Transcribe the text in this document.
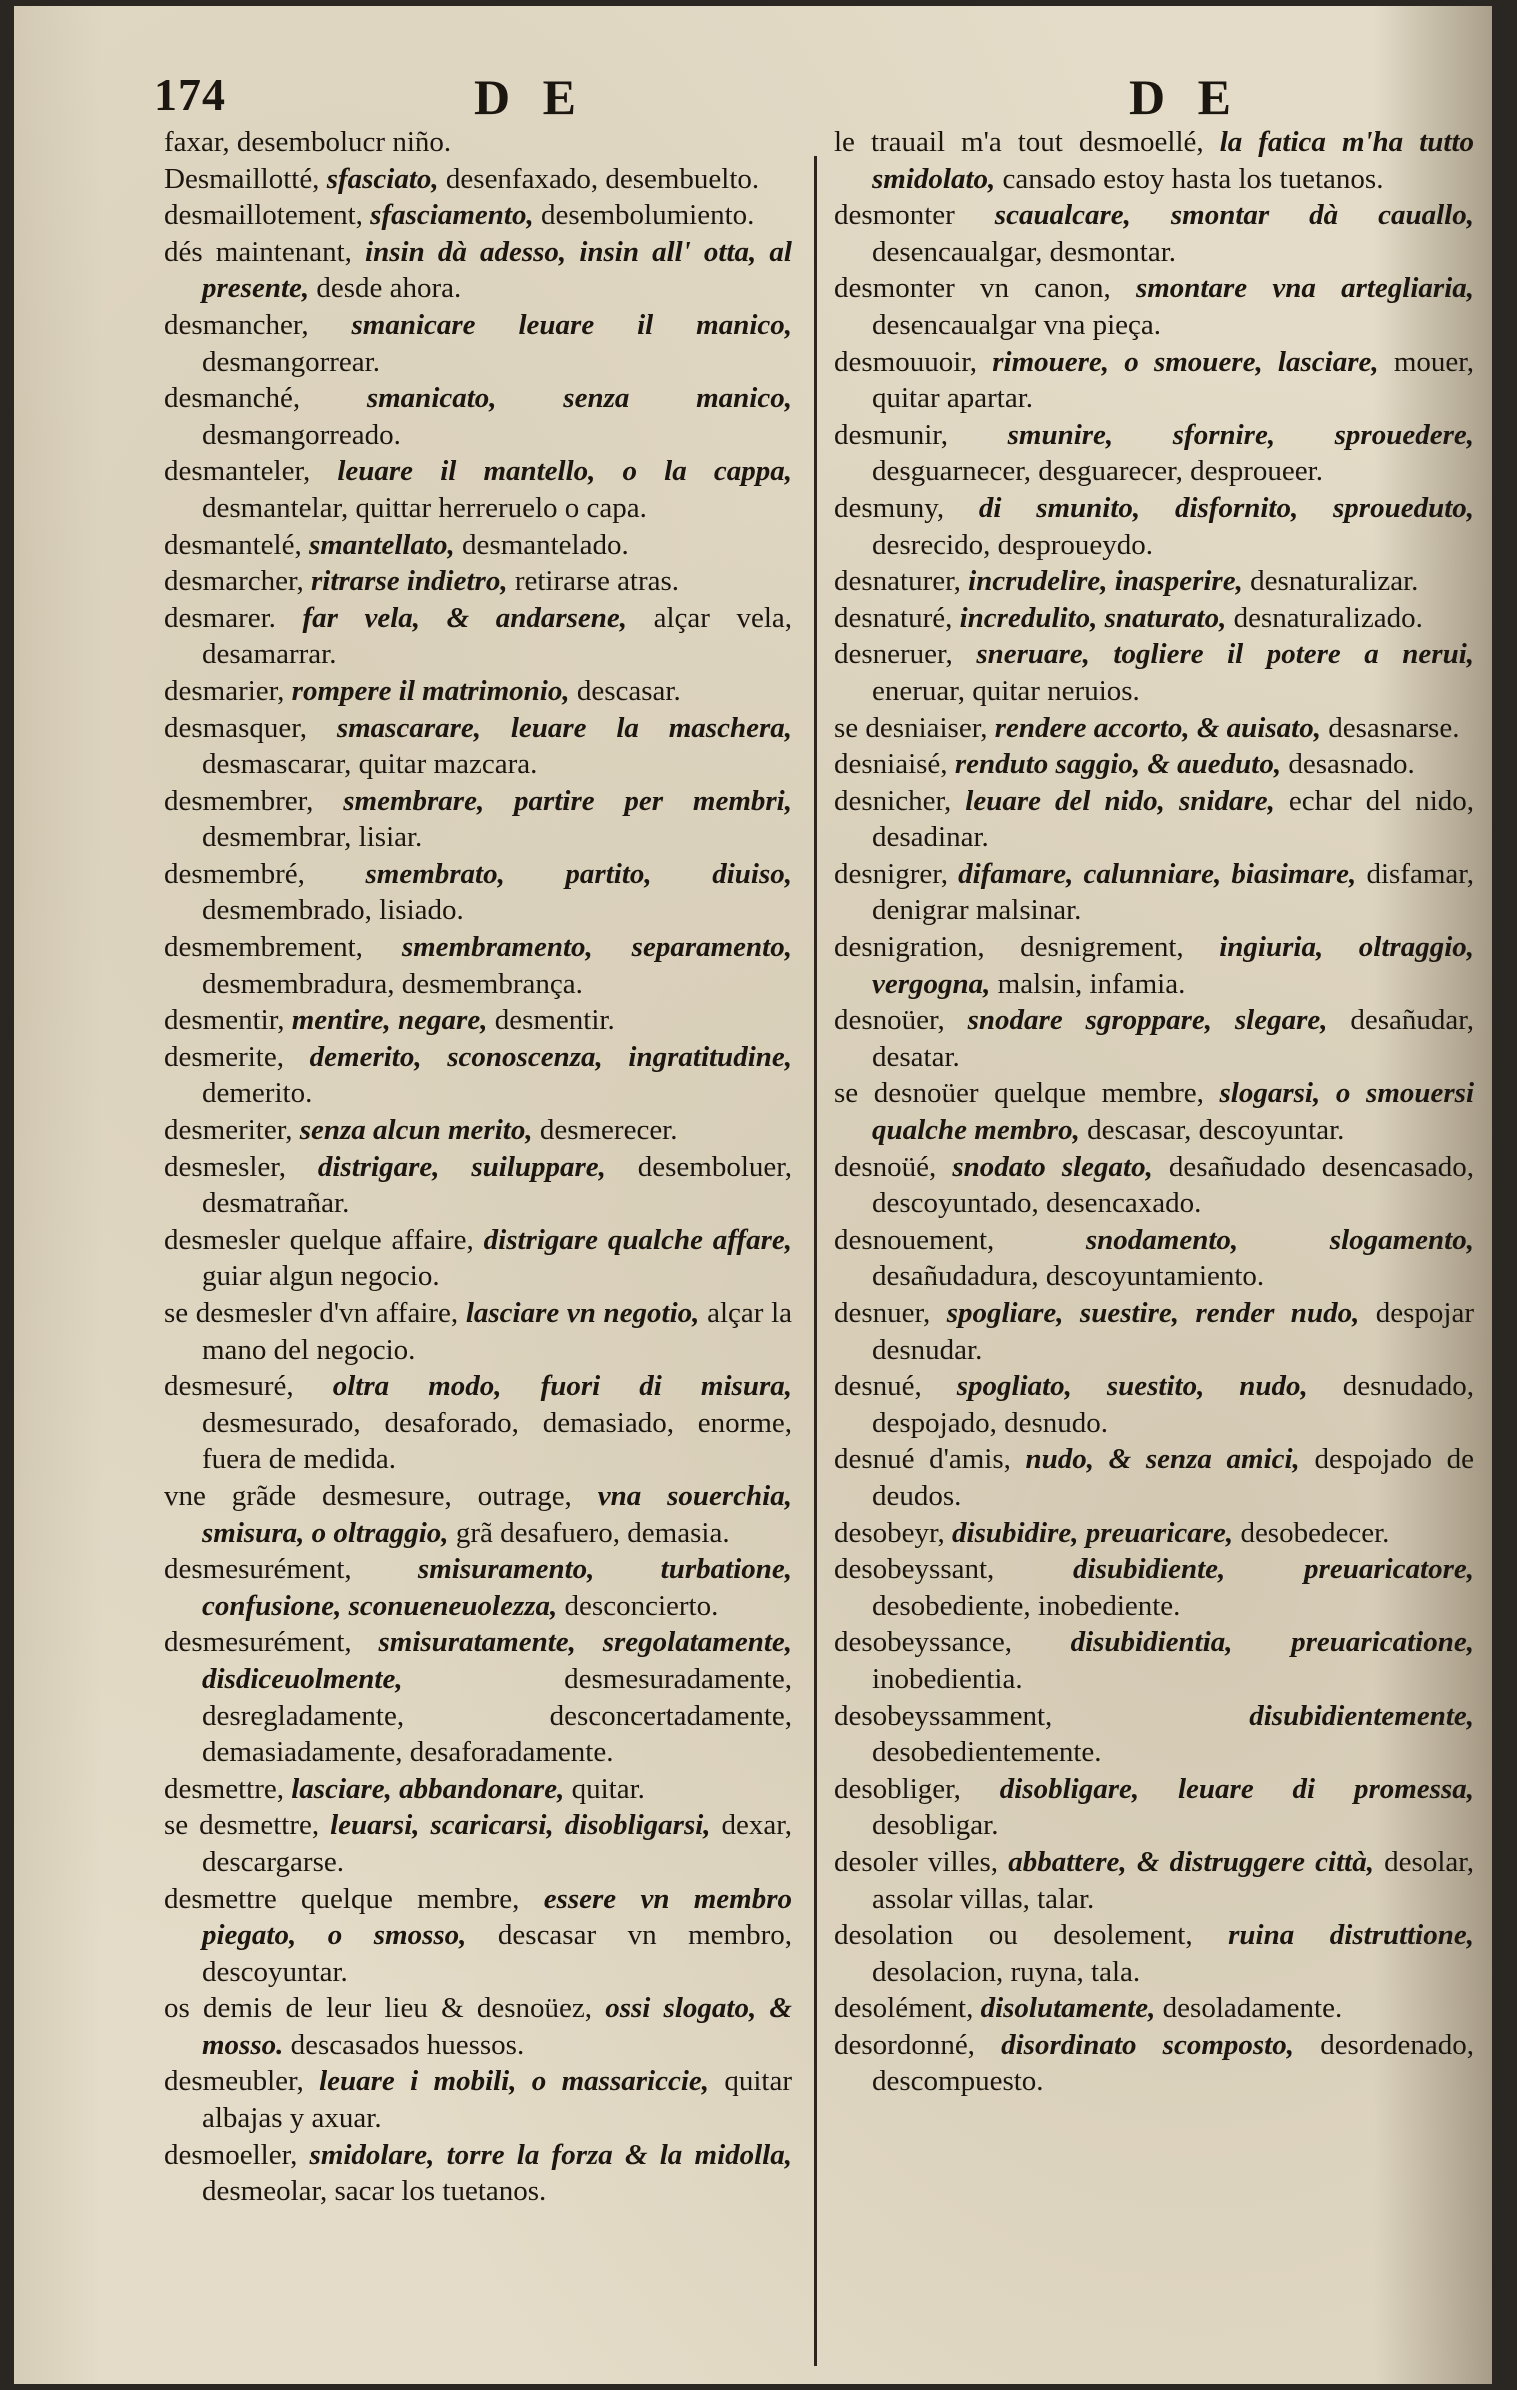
174	D E	D E

faxar, desembolucr niño.

Desmaillotté, sfasciato, desenfaxado, desembuelto.

desmaillotement, sfasciamento, desembolumiento.

dés maintenant, insin dà adesso, insin all' otta, al presente, desde ahora.

desmancher, smanicare leuare il manico, desmangorrear.

desmanché, smanicato, senza manico, desmangorreado.

desmanteler, leuare il mantello, o la cappa, desmantelar, quittar herreruelo o capa.

desmantelé, smantellato, desmantelado.

desmarcher, ritrarse indietro, retirarse atras.

desmarer. far vela, & andarsene, alçar vela, desamarrar.

desmarier, rompere il matrimonio, descasar.

desmasquer, smascarare, leuare la maschera, desmascarar, quitar mazcara.

desmembrer, smembrare, partire per membri, desmembrar, lisiar.

desmembré, smembrato, partito, diuiso, desmembrado, lisiado.

desmembrement, smembramento, separamento, desmembradura, desmembrança.

desmentir, mentire, negare, desmentir.

desmerite, demerito, sconoscenza, ingratitudine, demerito.

desmeriter, senza alcun merito, desmerecer.

desmesler, distrigare, suiluppare, desemboluer, desmatrañar.

desmesler quelque affaire, distrigare qualche affare, guiar algun negocio.

se desmesler d'vn affaire, lasciare vn negotio, alçar la mano del negocio.

desmesuré, oltra modo, fuori di misura, desmesurado, desaforado, demasiado, enorme, fuera de medida.

vne grãde desmesure, outrage, vna souerchia, smisura, o oltraggio, grã desafuero, demasia.

desmesurément, smisuramento, turbatione, confusione, sconueneuolezza, desconcierto.

desmesurément, smisuratamente, sregolatamente, disdiceuolmente,	desmesuradamente, desregladamente, desconcertadamente, demasiadamente, desaforadamente.

desmettre, lasciare, abbandonare, quitar.

se desmettre, leuarsi, scaricarsi, disobligarsi, dexar, descargarse.

desmettre quelque membre, essere vn membro piegato, o smosso, descasar vn membro, descoyuntar.

os demis de leur lieu & desnoüez, ossi slogato, & mosso. descasados huessos.

desmeubler, leuare i mobili, o massariccie, quitar albajas y axuar.

desmoeller, smidolare, torre la forza & la midolla, desmeolar, sacar los tuetanos.

le trauail m'a tout desmoellé, la fatica m'ha tutto smidolato, cansado estoy hasta los tuetanos.

desmonter scaualcare, smontar dà cauallo, desencaualgar, desmontar.

desmonter vn canon, smontare vna artegliaria, desencaualgar vna pieça.

desmouuoir, rimouere, o smouere, lasciare, mouer, quitar apartar.

desmunir, smunire, sfornire, sprouedere, desguarnecer, desguarecer, desproueer.

desmuny, di smunito, disfornito, sproueduto, desrecido, desproueydo.

desnaturer, incrudelire, inasperire, desnaturalizar.

desnaturé, incredulito, snaturato, desnaturalizado.

desneruer, sneruare, togliere il potere a nerui, eneruar, quitar neruios.

se desniaiser, rendere accorto, & auisato, desasnarse.

desniaisé, renduto saggio, & aueduto, desasnado.

desnicher, leuare del nido, snidare, echar del nido, desadinar.

desnigrer, difamare, calunniare, biasimare, disfamar, denigrar malsinar.

desnigration, desnigrement, ingiuria, oltraggio, vergogna, malsin, infamia.

desnoüer, snodare sgroppare, slegare, desañudar, desatar.

se desnoüer quelque membre, slogarsi, o smouersi qualche membro, descasar, descoyuntar.

desnoüé, snodato slegato, desañudado desencasado, descoyuntado, desencaxado.

desnouement,	snodamento, slogamento, desañudadura, descoyuntamiento.

desnuer, spogliare, suestire, render nudo, despojar desnudar.

desnué, spogliato, suestito, nudo, desnudado, despojado, desnudo.

desnué d'amis, nudo, & senza amici, despojado de deudos.

desobeyr, disubidire, preuaricare, desobedecer.

desobeyssant,	disubidiente, preuaricatore, desobediente, inobediente.

desobeyssance, disubidientia, preuaricatione, inobedientia.

desobeyssamment,	disubidientemente, desobedientemente.

desobliger, disobligare, leuare di promessa, desobligar.

desoler villes, abbattere, & distruggere città, desolar, assolar villas, talar.

desolation ou desolement, ruina distruttione, desolacion, ruyna, tala.

desolément, disolutamente, desoladamente.

desordonné, disordinato scomposto, desordenado, descompuesto.
